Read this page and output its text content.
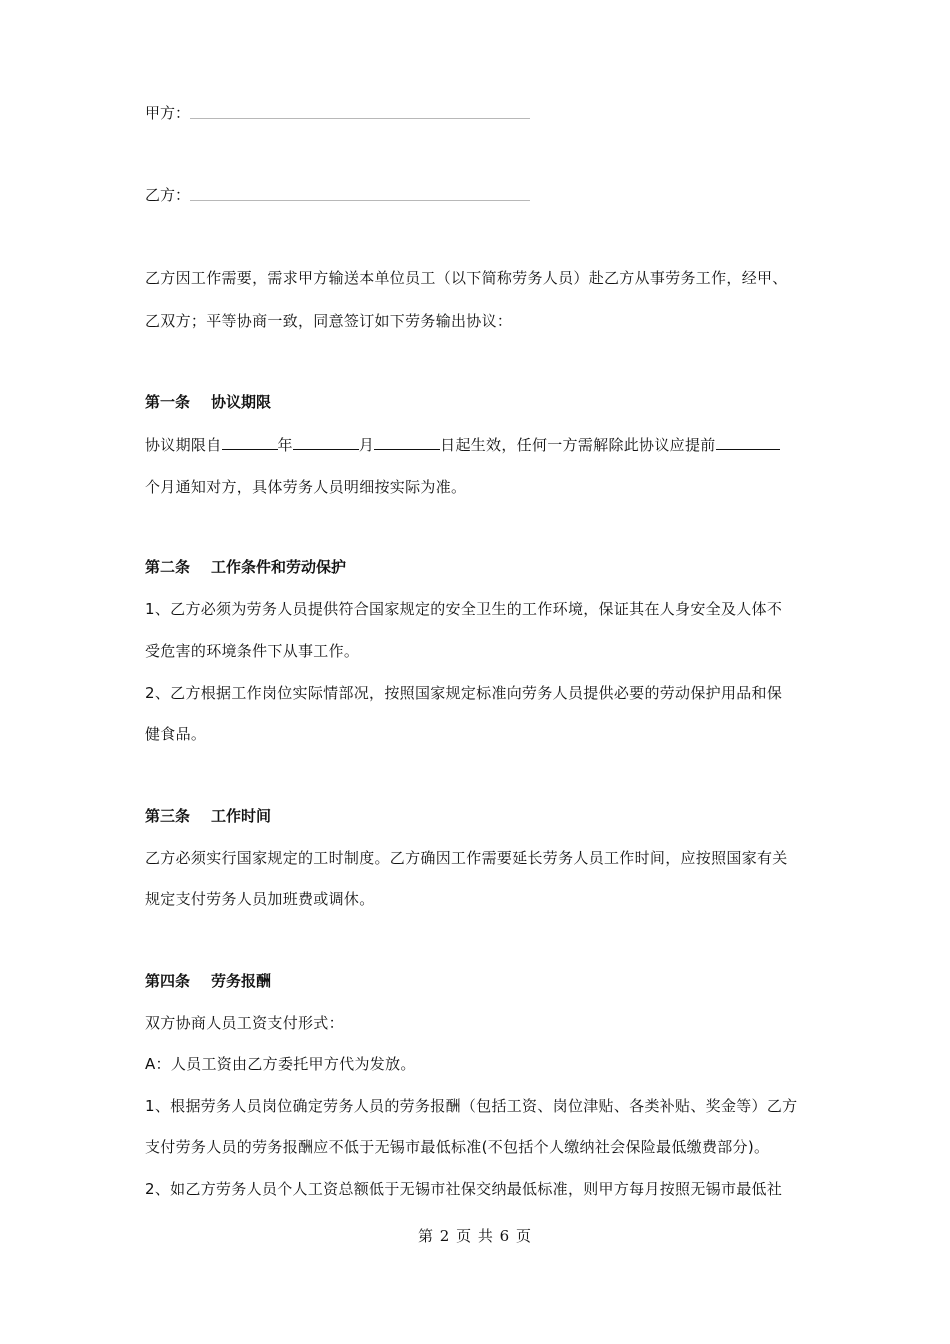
甲方：
乙方：
乙方因工作需要，需求甲方输送本单位员工（以下简称劳务人员）赴乙方从事劳务工作，经甲、
乙双方；平等协商一致，同意签订如下劳务输出协议：
第一条 协议期限
协议期限自	年	月	日起生效，任何一方需解除此协议应提前
个月通知对方，具体劳务人员明细按实际为准。
第二条 工作条件和劳动保护
1、乙方必须为劳务人员提供符合国家规定的安全卫生的工作环境，保证其在人身安全及人体不
受危害的环境条件下从事工作。
2、乙方根据工作岗位实际情部况，按照国家规定标准向劳务人员提供必要的劳动保护用品和保
健食品。
第三条 工作时间
乙方必须实行国家规定的工时制度。乙方确因工作需要延长劳务人员工作时间，应按照国家有关
规定支付劳务人员加班费或调休。
第四条 劳务报酬
双方协商人员工资支付形式：
A：人员工资由乙方委托甲方代为发放。
1、根据劳务人员岗位确定劳务人员的劳务报酬（包括工资、岗位津贴、各类补贴、奖金等）乙方
支付劳务人员的劳务报酬应不低于无锡市最低标准(不包括个人缴纳社会保险最低缴费部分)。
2、如乙方劳务人员个人工资总额低于无锡市社保交纳最低标准，则甲方每月按照无锡市最低社
第 2 页 共 6 页
